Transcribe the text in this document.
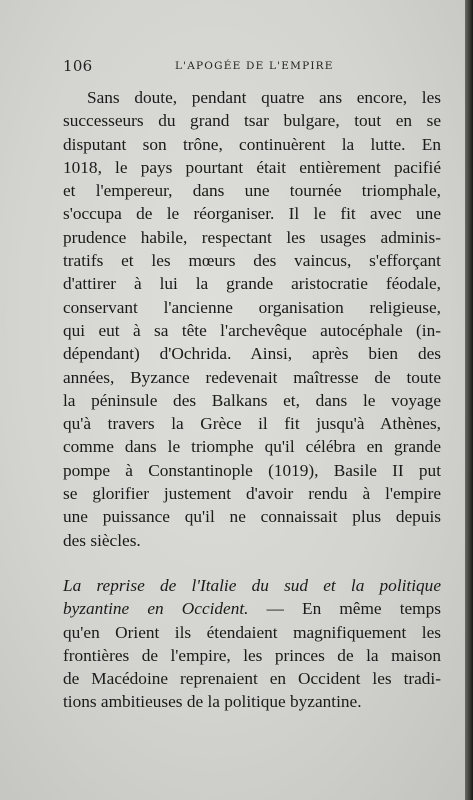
106	L'APOGÉE DE L'EMPIRE
Sans doute, pendant quatre ans encore, les
successeurs du grand tsar bulgare, tout en se
disputant son trône, continuèrent la lutte. En
1018, le pays pourtant était entièrement pacifié
et l'empereur, dans une tournée triomphale,
s'occupa de le réorganiser. Il le fit avec une
prudence habile, respectant les usages adminis-
tratifs et les mœurs des vaincus, s'efforçant
d'attirer à lui la grande aristocratie féodale,
conservant l'ancienne organisation religieuse,
qui eut à sa tête l'archevêque autocéphale (in-
dépendant) d'Ochrida. Ainsi, après bien des
années, Byzance redevenait maîtresse de toute
la péninsule des Balkans et, dans le voyage
qu'à travers la Grèce il fit jusqu'à Athènes,
comme dans le triomphe qu'il célébra en grande
pompe à Constantinople (1019), Basile II put
se glorifier justement d'avoir rendu à l'empire
une puissance qu'il ne connaissait plus depuis
des siècles.
La reprise de l'Italie du sud et la politique
byzantine en Occident. — En même temps
qu'en Orient ils étendaient magnifiquement les
frontières de l'empire, les princes de la maison
de Macédoine reprenaient en Occident les tradi-
tions ambitieuses de la politique byzantine.
